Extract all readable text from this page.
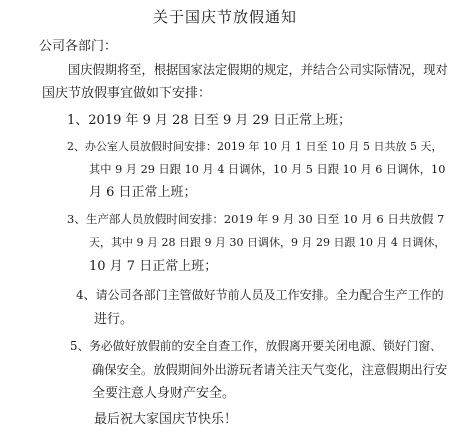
关于国庆节放假通知
公司各部门：
国庆假期将至，根据国家法定假期的规定，并结合公司实际情况，现对
国庆节放假事宜做如下安排：
1、2019 年 9 月 28 日至 9 月 29 日正常上班；
2、办公室人员放假时间安排：2019 年 10 月 1 日至 10 月 5 日共放 5 天，
其中 9 月 29 日跟 10 月 4 日调休，10 月 5 日跟 10 月 6 日调休，10
月 6 日正常上班；
3、生产部人员放假时间安排：2019 年 9 月 30 日至 10 月 6 日共放假 7
天，其中 9 月 28 日跟 9 月 30 日调休，9 月 29 日跟 10 月 4 日调休，
10 月 7 日正常上班；
4、请公司各部门主管做好节前人员及工作安排。全力配合生产工作的
进行。
5、务必做好放假前的安全自查工作，放假离开要关闭电源、锁好门窗、
确保安全。放假期间外出游玩者请关注天气变化，注意假期出行安
全要注意人身财产安全。
最后祝大家国庆节快乐！
